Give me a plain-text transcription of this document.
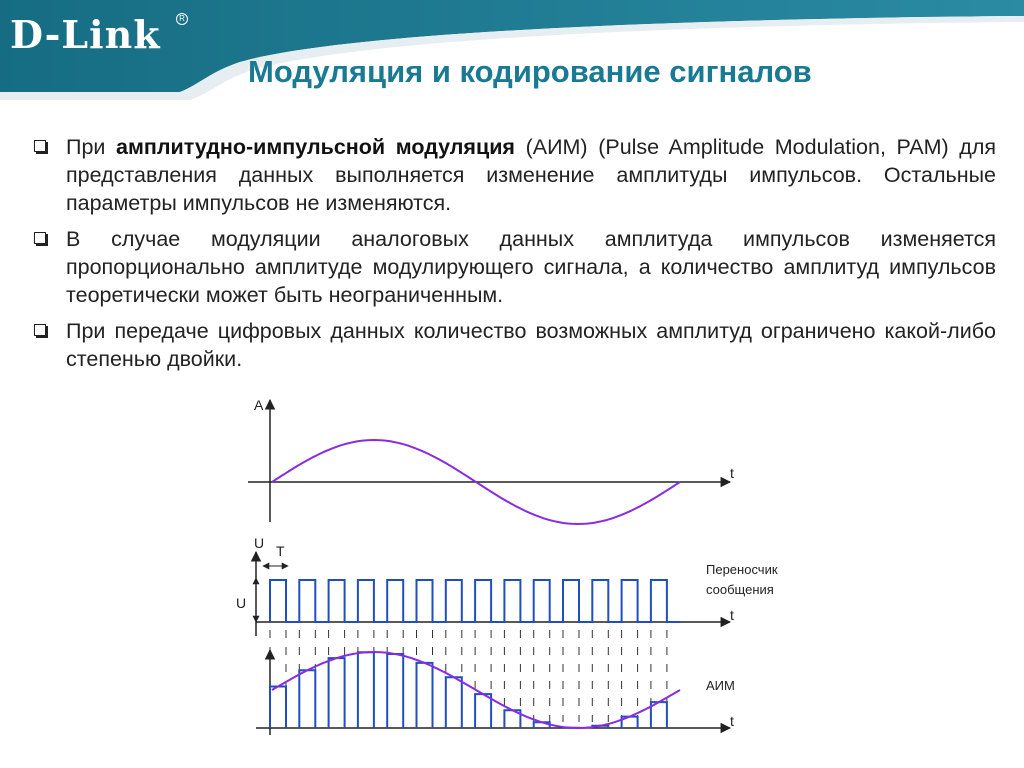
D-Link	R
Модуляция и кодирование сигналов
При амплитудно-импульсной модуляция (АИМ) (Pulse Amplitude Modulation, PAM) для представления данных выполняется изменение амплитуды импульсов. Остальные параметры импульсов не изменяются.
В случае модуляции аналоговых данных амплитуда импульсов изменяется пропорционально амплитуде модулирующего сигнала, а количество амплитуд импульсов теоретически может быть неограниченным.
При передаче цифровых данных количество возможных амплитуд ограничено какой-либо степенью двойки.
A
t
U T
U
t
Переносчик
сообщения
t
АИМ
